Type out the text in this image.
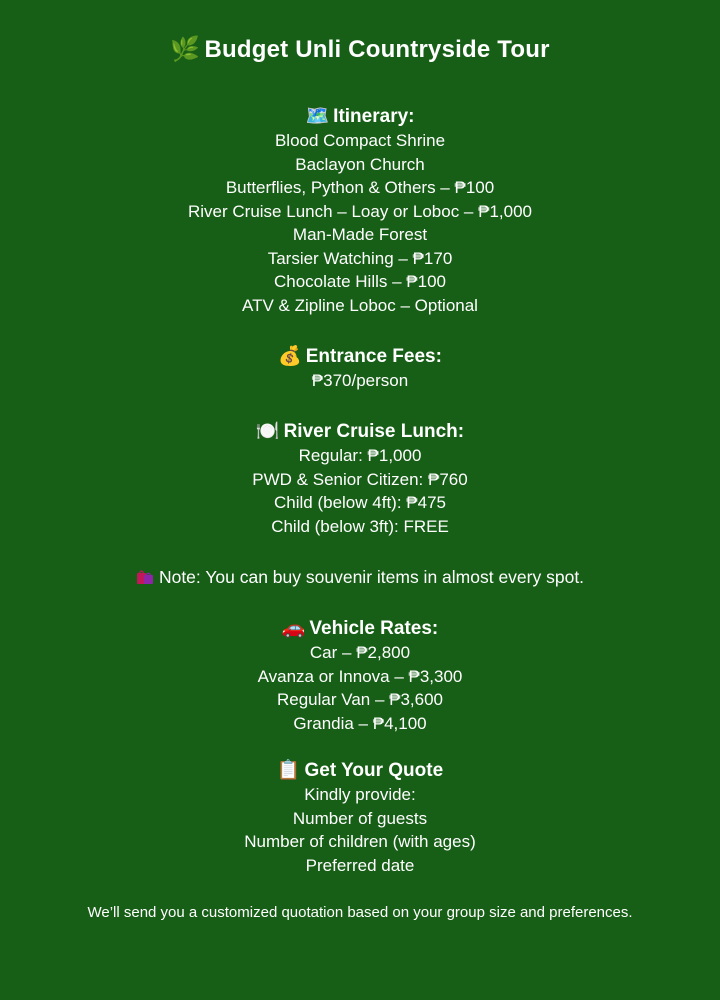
🌿 Budget Unli Countryside Tour
🗺️ Itinerary:
Blood Compact Shrine
Baclayon Church
Butterflies, Python & Others – ₱100
River Cruise Lunch – Loay or Loboc – ₱1,000
Man-Made Forest
Tarsier Watching – ₱170
Chocolate Hills – ₱100
ATV & Zipline Loboc – Optional
💰 Entrance Fees:
₱370/person
🍽️ River Cruise Lunch:
Regular: ₱1,000
PWD & Senior Citizen: ₱760
Child (below 4ft): ₱475
Child (below 3ft): FREE
Note: You can buy souvenir items in almost every spot.
🚗 Vehicle Rates:
Car – ₱2,800
Avanza or Innova – ₱3,300
Regular Van – ₱3,600
Grandia – ₱4,100
📋 Get Your Quote
Kindly provide:
Number of guests
Number of children (with ages)
Preferred date
We’ll send you a customized quotation based on your group size and preferences.
